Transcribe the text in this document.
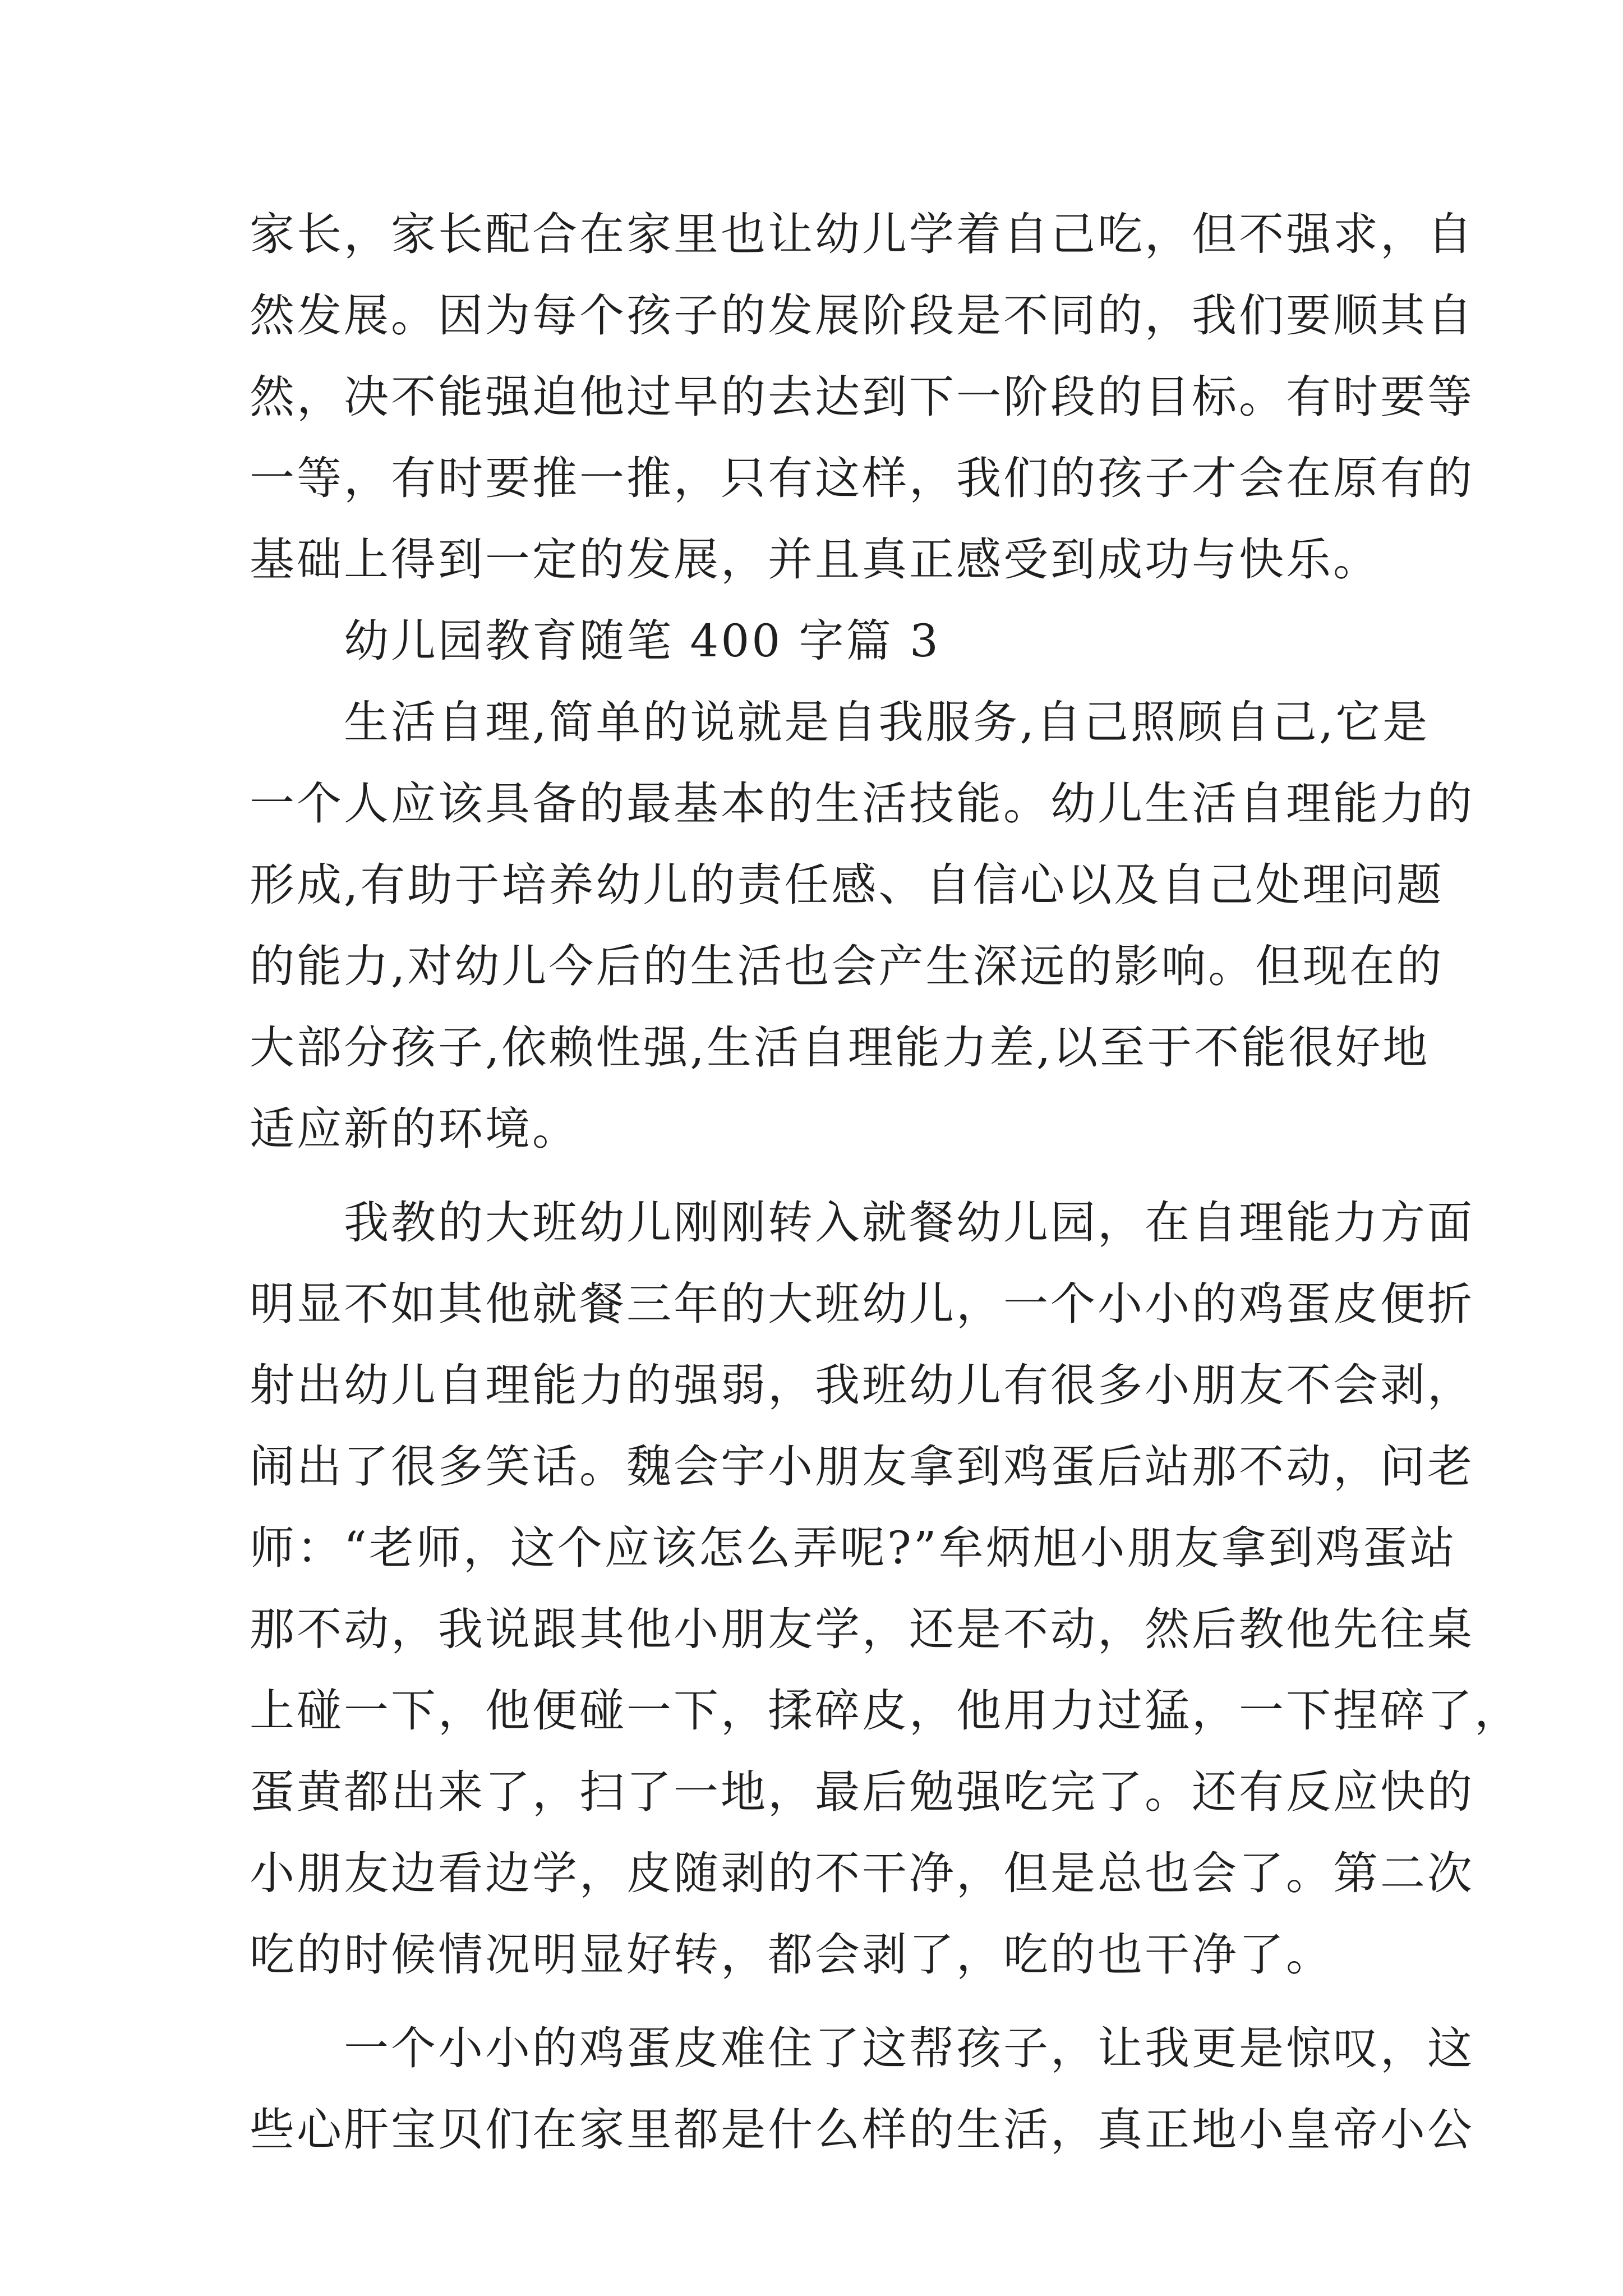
家长，家长配合在家里也让幼儿学着自己吃，但不强求，自
然发展。因为每个孩子的发展阶段是不同的，我们要顺其自
然，决不能强迫他过早的去达到下一阶段的目标。有时要等
一等，有时要推一推，只有这样，我们的孩子才会在原有的
基础上得到一定的发展，并且真正感受到成功与快乐。
　　幼儿园教育随笔 400 字篇 3
　　生活自理,简单的说就是自我服务,自己照顾自己,它是
一个人应该具备的最基本的生活技能。幼儿生活自理能力的
形成,有助于培养幼儿的责任感、自信心以及自己处理问题
的能力,对幼儿今后的生活也会产生深远的影响。但现在的
大部分孩子,依赖性强,生活自理能力差,以至于不能很好地
适应新的环境。
　　我教的大班幼儿刚刚转入就餐幼儿园，在自理能力方面
明显不如其他就餐三年的大班幼儿，一个小小的鸡蛋皮便折
射出幼儿自理能力的强弱，我班幼儿有很多小朋友不会剥，
闹出了很多笑话。魏会宇小朋友拿到鸡蛋后站那不动，问老
师：“老师，这个应该怎么弄呢?”牟炳旭小朋友拿到鸡蛋站
那不动，我说跟其他小朋友学，还是不动，然后教他先往桌
上碰一下，他便碰一下，揉碎皮，他用力过猛，一下捏碎了，
蛋黄都出来了，扫了一地，最后勉强吃完了。还有反应快的
小朋友边看边学，皮随剥的不干净，但是总也会了。第二次
吃的时候情况明显好转，都会剥了，吃的也干净了。
　　一个小小的鸡蛋皮难住了这帮孩子，让我更是惊叹，这
些心肝宝贝们在家里都是什么样的生活，真正地小皇帝小公
